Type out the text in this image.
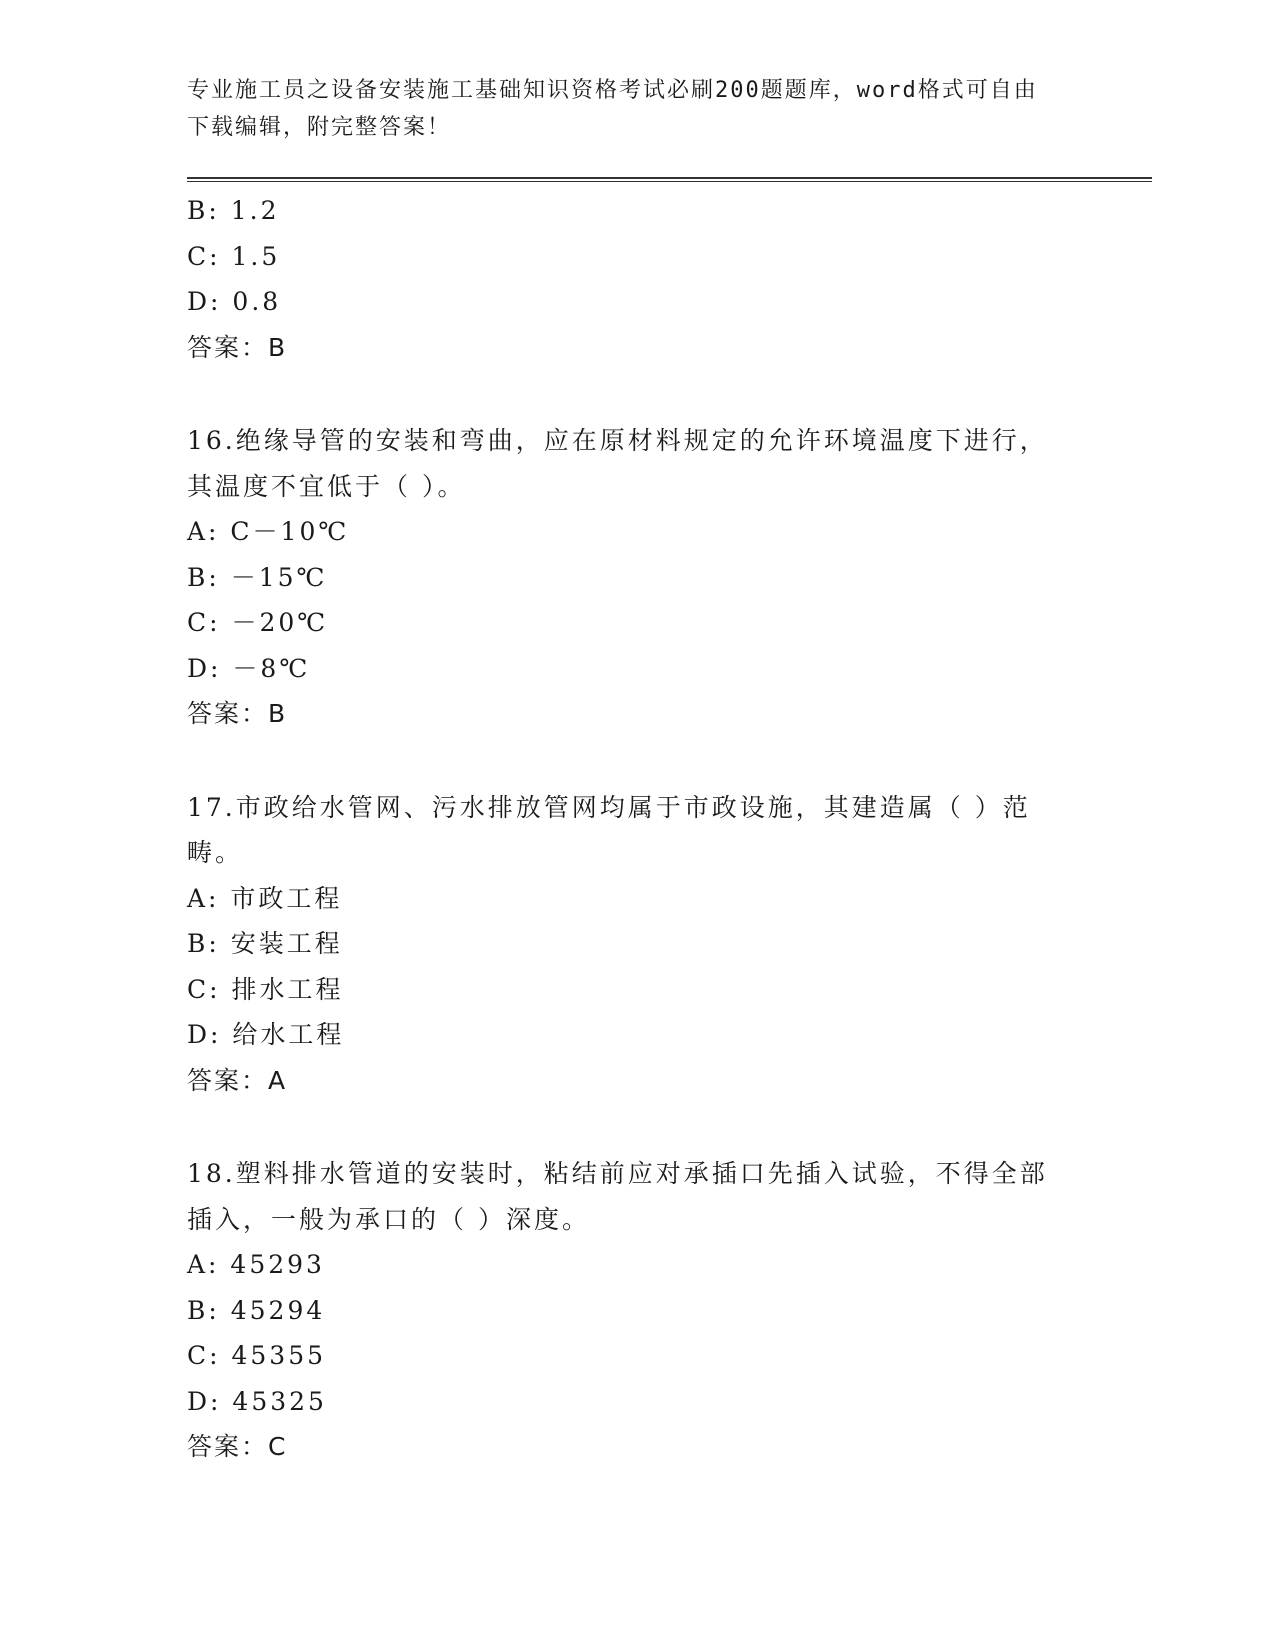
专业施工员之设备安装施工基础知识资格考试必刷200题题库，word格式可自由
下载编辑，附完整答案！
B: 1.2
C: 1.5
D: 0.8
答案：B
16.绝缘导管的安装和弯曲，应在原材料规定的允许环境温度下进行，
其温度不宜低于（ ）。
A: C－10℃
B: －15℃
C: －20℃
D: －8℃
答案：B
17.市政给水管网、污水排放管网均属于市政设施，其建造属（ ）范
畴。
A: 市政工程
B: 安装工程
C: 排水工程
D: 给水工程
答案：A
18.塑料排水管道的安装时，粘结前应对承插口先插入试验，不得全部
插入，一般为承口的（ ）深度。
A: 45293
B: 45294
C: 45355
D: 45325
答案：C
